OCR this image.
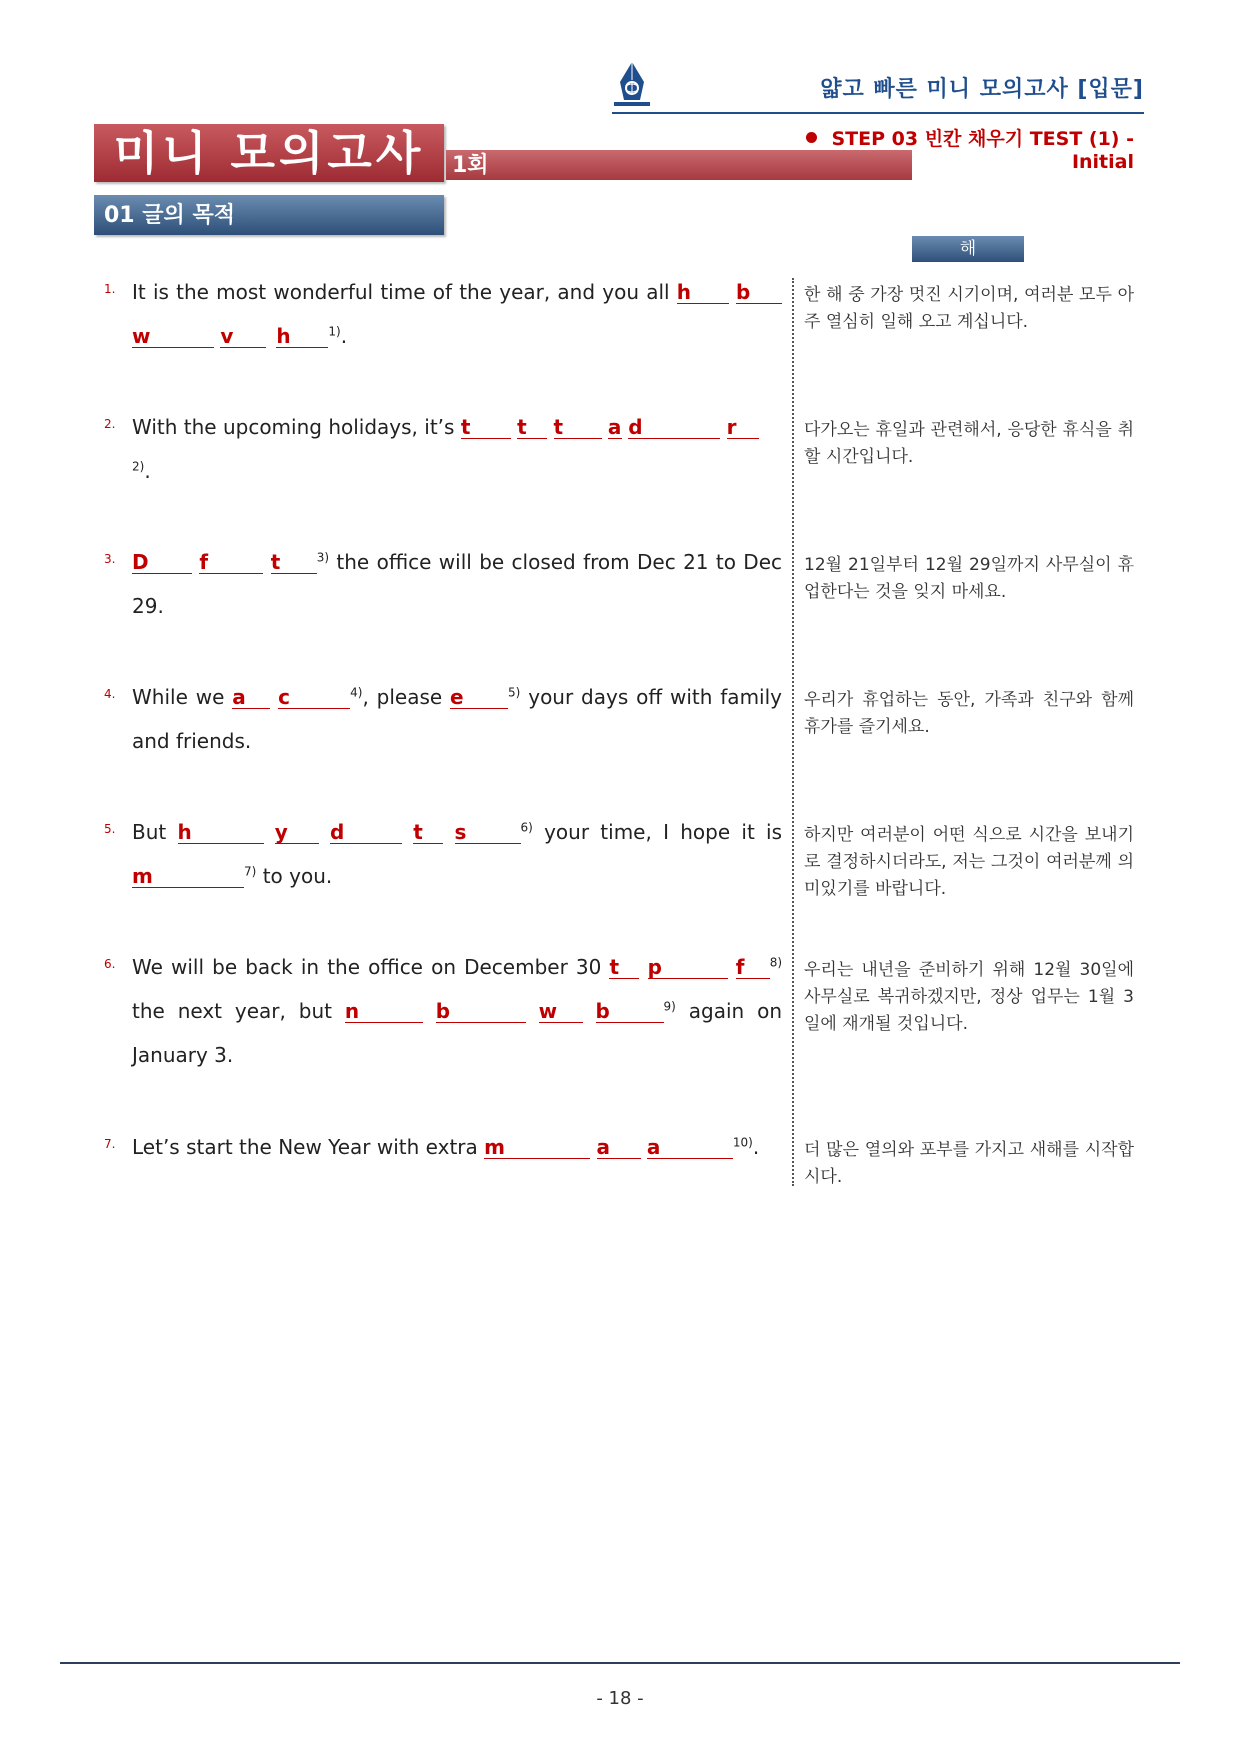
얇고 빠른 미니 모의고사 [입문]
미니 모의고사	1회
STEP 03 빈칸 채우기 TEST (1) - Initial
01 글의 목적
해 석
1. It is the most wonderful time of the year, and you all h b w	v h	$^{1)}$.
한 해 중 가장 멋진 시기이며, 여러분 모두 아주 열심히 일해 오고 계십니다.
2. With the upcoming holidays, it’s t t t a d	r
$^{2)}$.
다가오는 휴일과 관련해서, 응당한 휴식을 취할 시간입니다.
3. D	f	t	$^{3)}$ the office will be closed from Dec 21 to Dec 29.
12월 21일부터 12월 29일까지 사무실이 휴업한다는 것을 잊지 마세요.
4. While we a c	$^{4)}$, please e	$^{5)}$ your days off with family and friends.
우리가 휴업하는 동안, 가족과 친구와 함께 휴가를 즐기세요.
5. But h	y d	t s	$^{6)}$ your time, I hope it is m	$^{7)}$ to you.
하지만 여러분이 어떤 식으로 시간을 보내기로 결정하시더라도, 저는 그것이 여러분께 의미있기를 바랍니다.
6. We will be back in the office on December 30 t p	f $^{8)}$ the next year, but n	b	w b	$^{9)}$ again on January 3.
우리는 내년을 준비하기 위해 12월 30일에 사무실로 복귀하겠지만, 정상 업무는 1월 3일에 재개될 것입니다.
7. Let’s start the New Year with extra m	a a	$^{10)}$.	더 많은 열의와 포부를 가지고 새해를 시작합시다.
- 18 -
